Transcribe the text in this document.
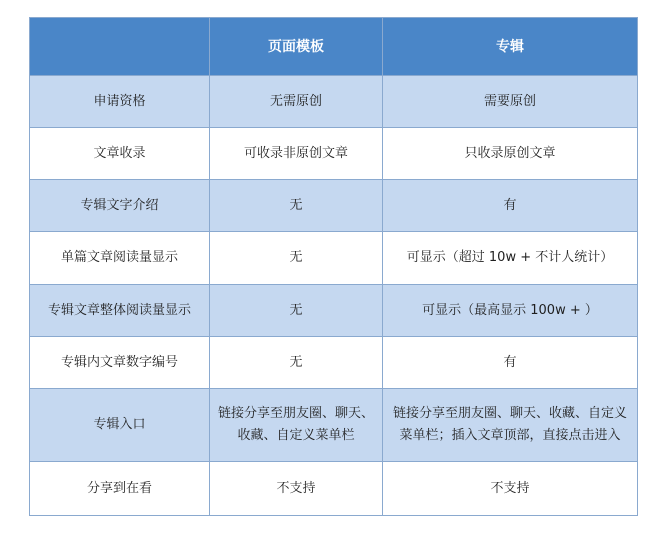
	页面模板	专辑
申请资格	无需原创	需要原创
文章收录	可收录非原创文章	只收录原创文章
专辑文字介绍	无	有
单篇文章阅读量显示	无	可显示（超过 10w + 不计人统计）
专辑文章整体阅读量显示	无	可显示（最高显示 100w + ）
专辑内文章数字编号	无	有
专辑入口	链接分享至朋友圈、聊天、收藏、自定义菜单栏	链接分享至朋友圈、聊天、收藏、自定义菜单栏；插入文章顶部，直接点击进入
分享到在看	不支持	不支持
